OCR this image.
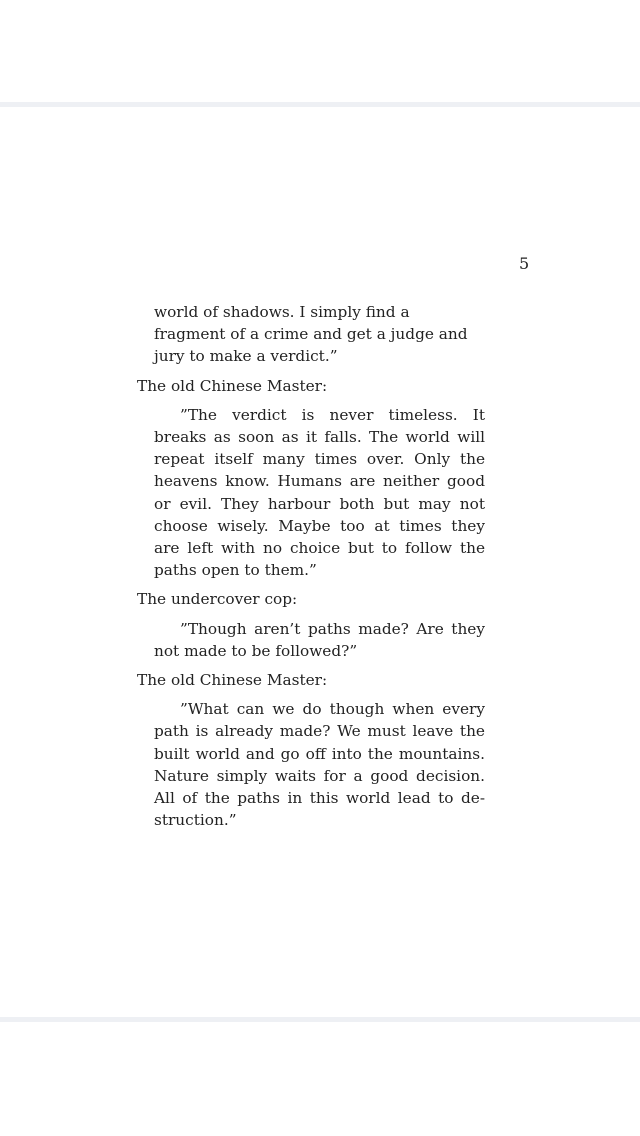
5
world of shadows. I simply find a fragment of a crime and get a judge and jury to make a verdict.”
The old Chinese Master:
”The verdict is never timeless. It breaks as soon as it falls. The world will repeat itself many times over. Only the heavens know. Humans are neither good or evil. They harbour both but may not choose wisely. Maybe too at times they are left with no choice but to follow the paths open to them.”
The undercover cop:
”Though aren’t paths made? Are they not made to be followed?”
The old Chinese Master:
”What can we do though when every path is already made? We must leave the built world and go off into the mountains. Nature simply waits for a good decision. All of the paths in this world lead to destruction.”
